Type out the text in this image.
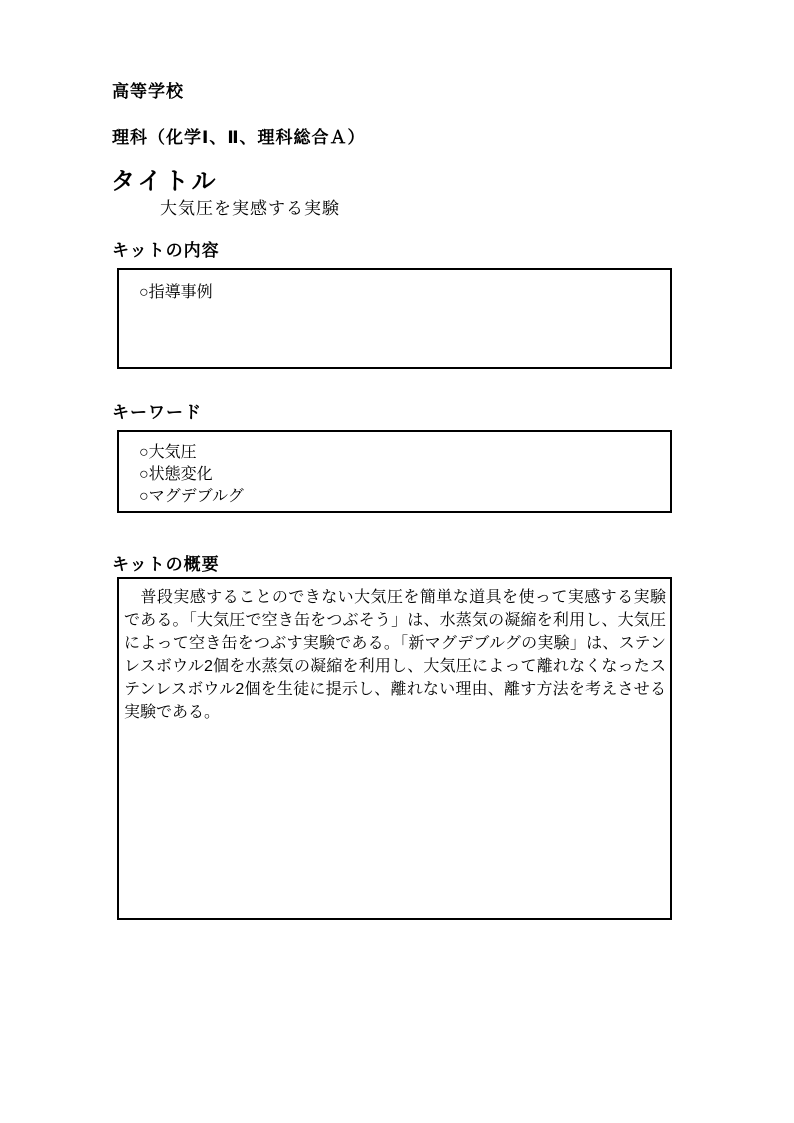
高等学校
理科（化学Ⅰ、Ⅱ、理科総合Ａ）
タイトル
大気圧を実感する実験
キットの内容
○指導事例
キーワード
○大気圧
○状態変化
○マグデブルグ
キットの概要
　普段実感することのできない大気圧を簡単な道具を使って実感する実験である。「大気圧で空き缶をつぶそう」は、水蒸気の凝縮を利用し、大気圧によって空き缶をつぶす実験である。「新マグデブルグの実験」は、ステンレスボウル2個を水蒸気の凝縮を利用し、大気圧によって離れなくなったステンレスボウル2個を生徒に提示し、離れない理由、離す方法を考えさせる実験である。
